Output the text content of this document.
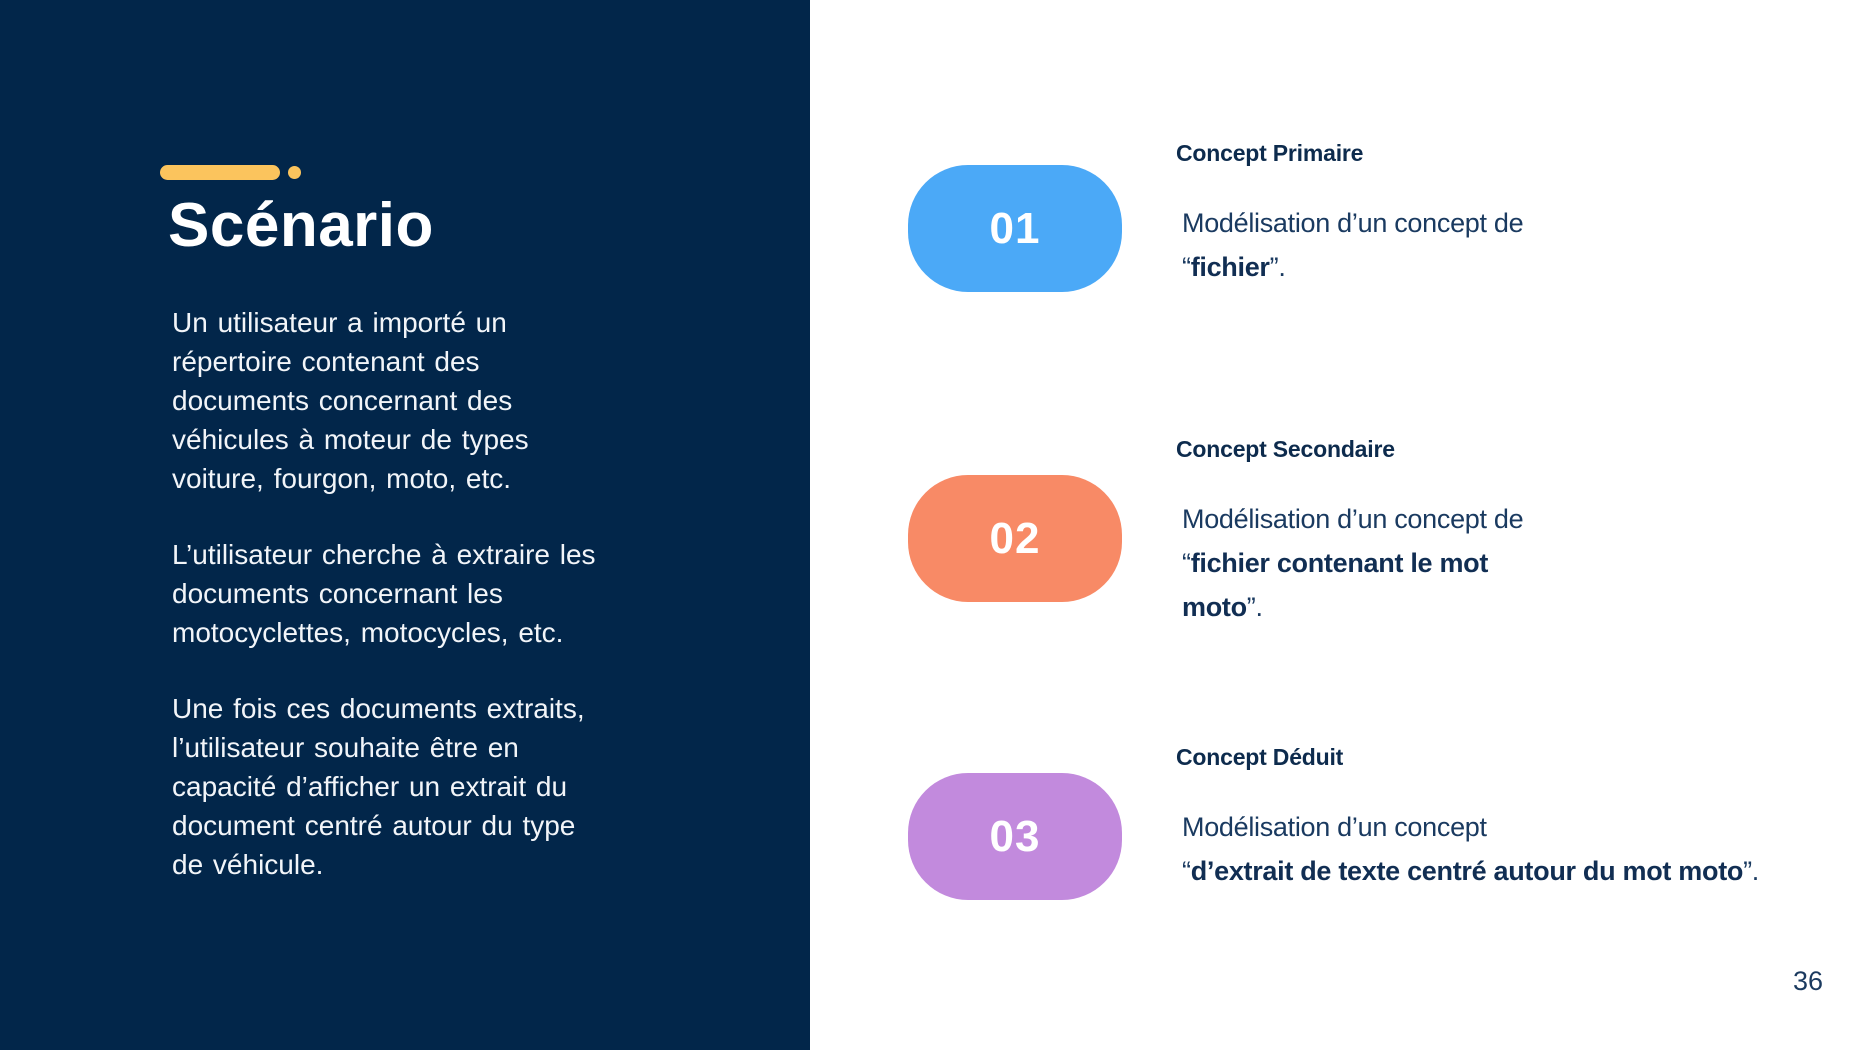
Scénario

Un utilisateur a importé un
répertoire contenant des
documents concernant des
véhicules à moteur de types
voiture, fourgon, moto, etc.

L’utilisateur cherche à extraire les
documents concernant les
motocyclettes, motocycles, etc.

Une fois ces documents extraits,
l’utilisateur souhaite être en
capacité d’afficher un extrait du
document centré autour du type
de véhicule.

01
Concept Primaire

Modélisation d’un concept de

“fichier”.

02
Concept Secondaire

Modélisation d’un concept de

“fichier contenant le mot moto”.

03
Concept Déduit

Modélisation d’un concept

“d’extrait de texte centré autour du mot moto”.

36
